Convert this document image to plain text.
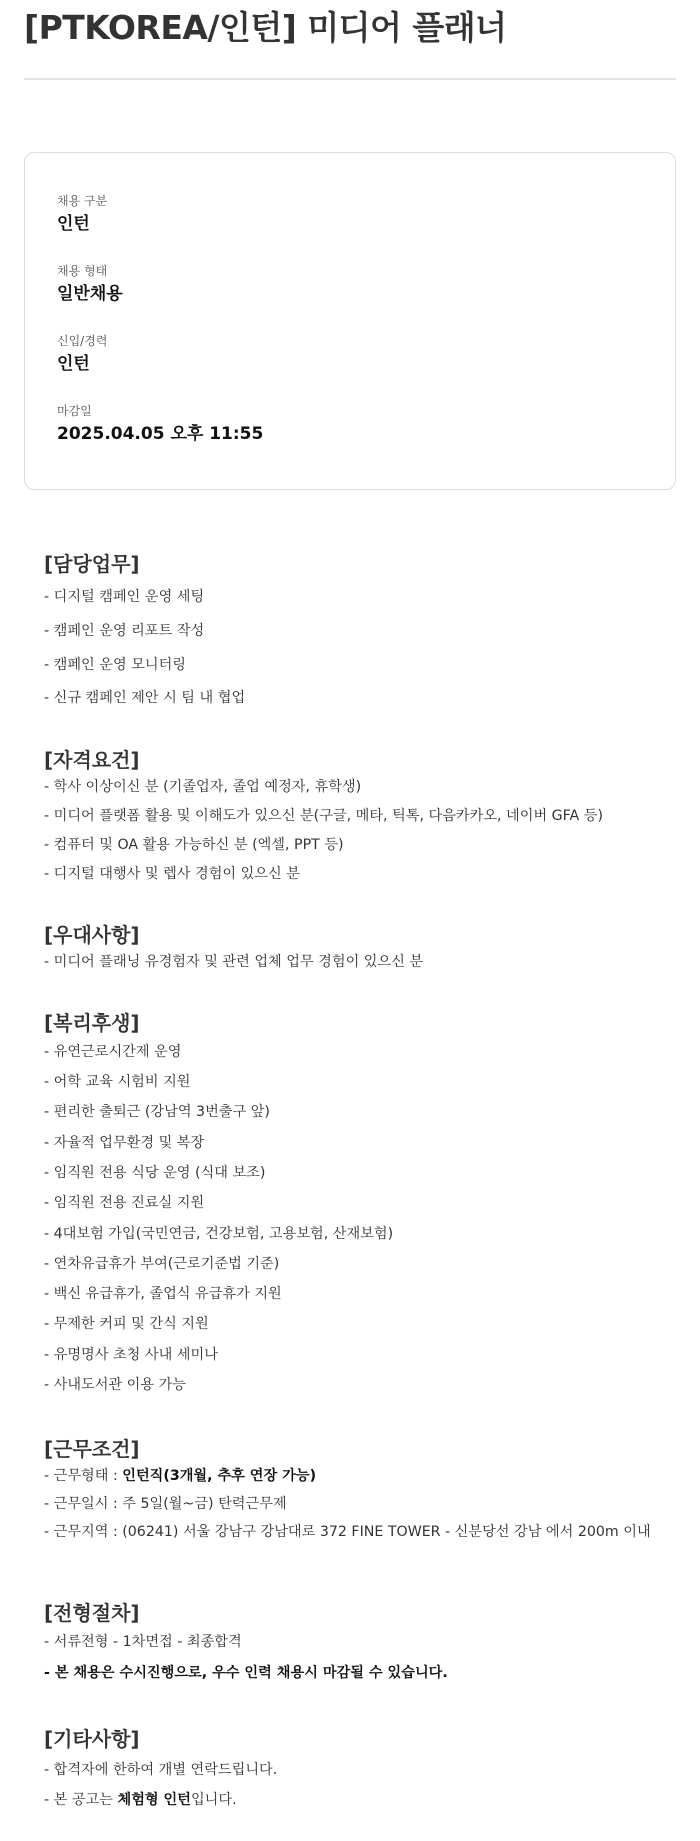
[PTKOREA/인턴] 미디어 플래너
채용 구분
인턴
채용 형태
일반채용
신입/경력
인턴
마감일
2025.04.05 오후 11:55
[담당업무]
- 디지털 캠페인 운영 세팅
- 캠페인 운영 리포트 작성
- 캠페인 운영 모니터링
- 신규 캠페인 제안 시 팀 내 협업
[자격요건]
- 학사 이상이신 분 (기졸업자, 졸업 예정자, 휴학생)
- 미디어 플랫폼 활용 및 이해도가 있으신 분(구글, 메타, 틱톡, 다음카카오, 네이버 GFA 등)
- 컴퓨터 및 OA 활용 가능하신 분 (엑셀, PPT 등)
- 디지털 대행사 및 렙사 경험이 있으신 분
[우대사항]
- 미디어 플래닝 유경험자 및 관련 업체 업무 경험이 있으신 분
[복리후생]
- 유연근로시간제 운영
- 어학 교육 시험비 지원
- 편리한 출퇴근 (강남역 3번출구 앞)
- 자율적 업무환경 및 복장
- 임직원 전용 식당 운영 (식대 보조)
- 임직원 전용 진료실 지원
- 4대보험 가입(국민연금, 건강보험, 고용보험, 산재보험)
- 연차유급휴가 부여(근로기준법 기준)
- 백신 유급휴가, 졸업식 유급휴가 지원
- 무제한 커피 및 간식 지원
- 유명명사 초청 사내 세미나
- 사내도서관 이용 가능
[근무조건]
- 근무형태 : 인턴직(3개월, 추후 연장 가능)
- 근무일시 : 주 5일(월~금) 탄력근무제
- 근무지역 : (06241) 서울 강남구 강남대로 372 FINE TOWER - 신분당선 강남 에서 200m 이내
[전형절차]
- 서류전형 - 1차면접 - 최종합격
- 본 채용은 수시진행으로, 우수 인력 채용시 마감될 수 있습니다.
[기타사항]
- 합격자에 한하여 개별 연락드립니다.
- 본 공고는 체험형 인턴입니다.
